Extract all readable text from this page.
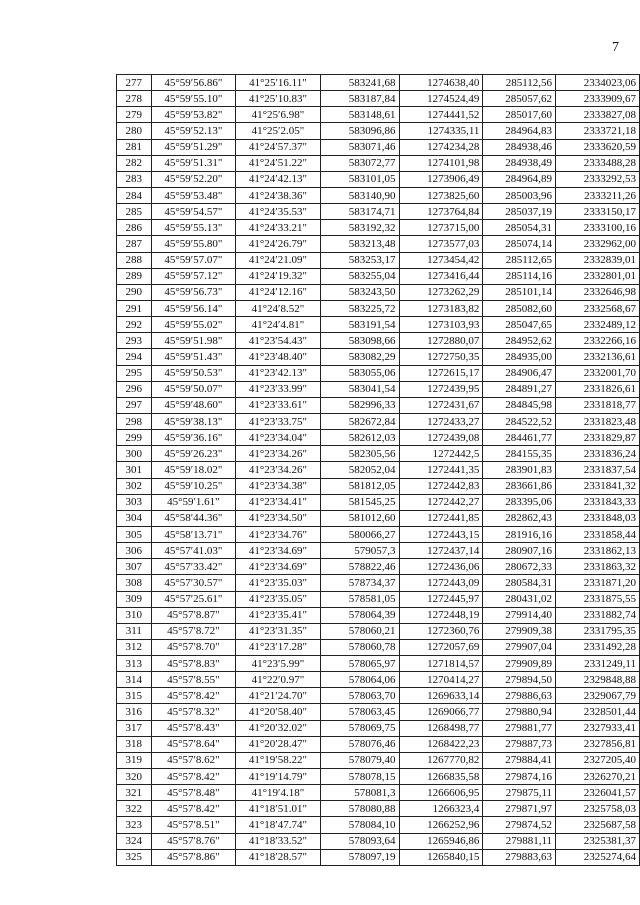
7
277	45°59′56.86"	41°25′16.11"	583241,68	1274638,40	285112,56	2334023,06
278	45°59′55.10"	41°25′10.83"	583187,84	1274524,49	285057,62	2333909,67
279	45°59′53.82"	41°25′6.98"	583148,61	1274441,52	285017,60	2333827,08
280	45°59′52.13"	41°25′2.05"	583096,86	1274335,11	284964,83	2333721,18
281	45°59′51.29"	41°24′57.37"	583071,46	1274234,28	284938,46	2333620,59
282	45°59′51.31"	41°24′51.22"	583072,77	1274101,98	284938,49	2333488,28
283	45°59′52.20"	41°24′42.13"	583101,05	1273906,49	284964,89	2333292,53
284	45°59′53.48"	41°24′38.36"	583140,90	1273825,60	285003,96	2333211,26
285	45°59′54.57"	41°24′35.53"	583174,71	1273764,84	285037,19	2333150,17
286	45°59′55.13"	41°24′33.21"	583192,32	1273715,00	285054,31	2333100,16
287	45°59′55.80"	41°24′26.79"	583213,48	1273577,03	285074,14	2332962,00
288	45°59′57.07"	41°24′21.09"	583253,17	1273454,42	285112,65	2332839,01
289	45°59′57.12"	41°24′19.32"	583255,04	1273416,44	285114,16	2332801,01
290	45°59′56.73"	41°24′12.16"	583243,50	1273262,29	285101,14	2332646,98
291	45°59′56.14"	41°24′8.52"	583225,72	1273183,82	285082,60	2332568,67
292	45°59′55.02"	41°24′4.81"	583191,54	1273103,93	285047,65	2332489,12
293	45°59′51.98"	41°23′54.43"	583098,66	1272880,07	284952,62	2332266,16
294	45°59′51.43"	41°23′48.40"	583082,29	1272750,35	284935,00	2332136,61
295	45°59′50.53"	41°23′42.13"	583055,06	1272615,17	284906,47	2332001,70
296	45°59′50.07"	41°23′33.99"	583041,54	1272439,95	284891,27	2331826,61
297	45°59′48.60"	41°23′33.61"	582996,33	1272431,67	284845,98	2331818,77
298	45°59′38.13"	41°23′33.75"	582672,84	1272433,27	284522,52	2331823,48
299	45°59′36.16"	41°23′34.04"	582612,03	1272439,08	284461,77	2331829,87
300	45°59′26.23"	41°23′34.26"	582305,56	1272442,5	284155,35	2331836,24
301	45°59′18.02"	41°23′34.26"	582052,04	1272441,35	283901,83	2331837,54
302	45°59′10.25"	41°23′34.38"	581812,05	1272442,83	283661,86	2331841,32
303	45°59′1.61"	41°23′34.41"	581545,25	1272442,27	283395,06	2331843,33
304	45°58′44.36"	41°23′34.50"	581012,60	1272441,85	282862,43	2331848,03
305	45°58′13.71"	41°23′34.76"	580066,27	1272443,15	281916,16	2331858,44
306	45°57′41.03"	41°23′34.69"	579057,3	1272437,14	280907,16	2331862,13
307	45°57′33.42"	41°23′34.69"	578822,46	1272436,06	280672,33	2331863,32
308	45°57′30.57"	41°23′35.03"	578734,37	1272443,09	280584,31	2331871,20
309	45°57′25.61"	41°23′35.05"	578581,05	1272445,97	280431,02	2331875,55
310	45°57′8.87"	41°23′35.41"	578064,39	1272448,19	279914,40	2331882,74
311	45°57′8.72"	41°23′31.35"	578060,21	1272360,76	279909,38	2331795,35
312	45°57′8.70"	41°23′17.28"	578060,78	1272057,69	279907,04	2331492,28
313	45°57′8.83"	41°23′5.99"	578065,97	1271814,57	279909,89	2331249,11
314	45°57′8.55"	41°22′0.97"	578064,06	1270414,27	279894,50	2329848,88
315	45°57′8.42"	41°21′24.70"	578063,70	1269633,14	279886,63	2329067,79
316	45°57′8.32"	41°20′58.40"	578063,45	1269066,77	279880,94	2328501,44
317	45°57′8.43"	41°20′32.02"	578069,75	1268498,77	279881,77	2327933,41
318	45°57′8.64"	41°20′28.47"	578076,46	1268422,23	279887,73	2327856,81
319	45°57′8.62"	41°19′58.22"	578079,40	1267770,82	279884,41	2327205,40
320	45°57′8.42"	41°19′14.79"	578078,15	1266835,58	279874,16	2326270,21
321	45°57′8.48"	41°19′4.18"	578081,3	1266606,95	279875,11	2326041,57
322	45°57′8.42"	41°18′51.01"	578080,88	1266323,4	279871,97	2325758,03
323	45°57′8.51"	41°18′47.74"	578084,10	1266252,96	279874,52	2325687,58
324	45°57′8.76"	41°18′33.52"	578093,64	1265946,86	279881,11	2325381,37
325	45°57′8.86"	41°18′28.57"	578097,19	1265840,15	279883,63	2325274,64
